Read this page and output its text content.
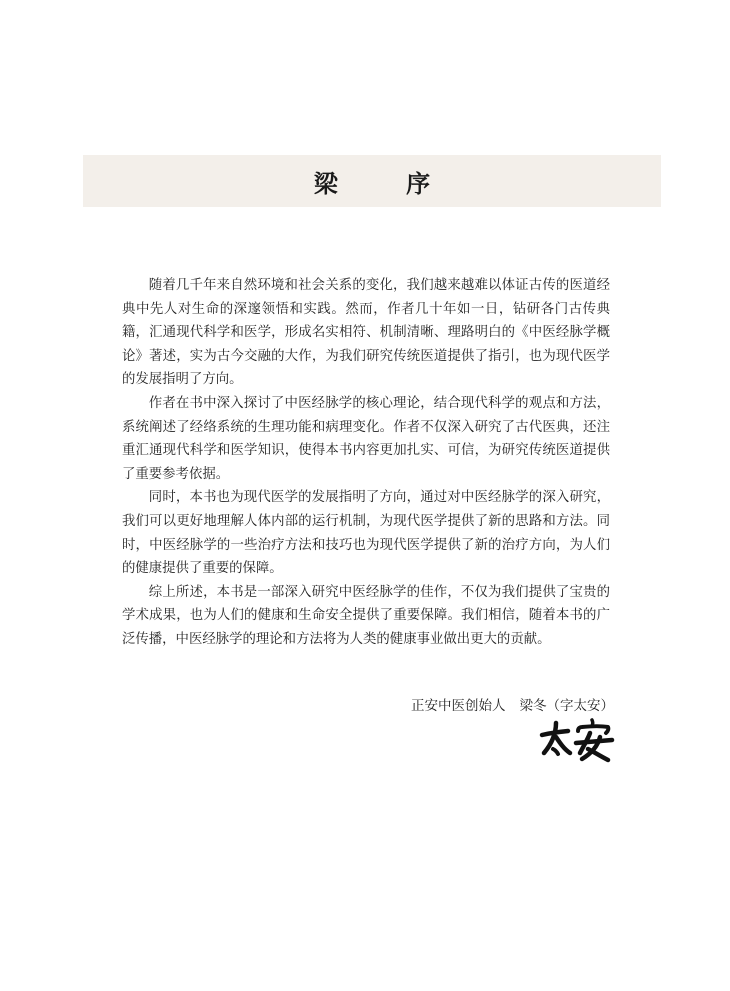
梁 序

随着几千年来自然环境和社会关系的变化，我们越来越难以体证古传的医道经典中先人对生命的深邃领悟和实践。然而，作者几十年如一日，钻研各门古传典籍，汇通现代科学和医学，形成名实相符、机制清晰、理路明白的《中医经脉学概论》著述，实为古今交融的大作，为我们研究传统医道提供了指引，也为现代医学的发展指明了方向。

作者在书中深入探讨了中医经脉学的核心理论，结合现代科学的观点和方法，系统阐述了经络系统的生理功能和病理变化。作者不仅深入研究了古代医典，还注重汇通现代科学和医学知识，使得本书内容更加扎实、可信，为研究传统医道提供了重要参考依据。

同时，本书也为现代医学的发展指明了方向，通过对中医经脉学的深入研究，我们可以更好地理解人体内部的运行机制，为现代医学提供了新的思路和方法。同时，中医经脉学的一些治疗方法和技巧也为现代医学提供了新的治疗方向，为人们的健康提供了重要的保障。

综上所述，本书是一部深入研究中医经脉学的佳作，不仅为我们提供了宝贵的学术成果，也为人们的健康和生命安全提供了重要保障。我们相信，随着本书的广泛传播，中医经脉学的理论和方法将为人类的健康事业做出更大的贡献。

正安中医创始人 梁冬（字太安）
